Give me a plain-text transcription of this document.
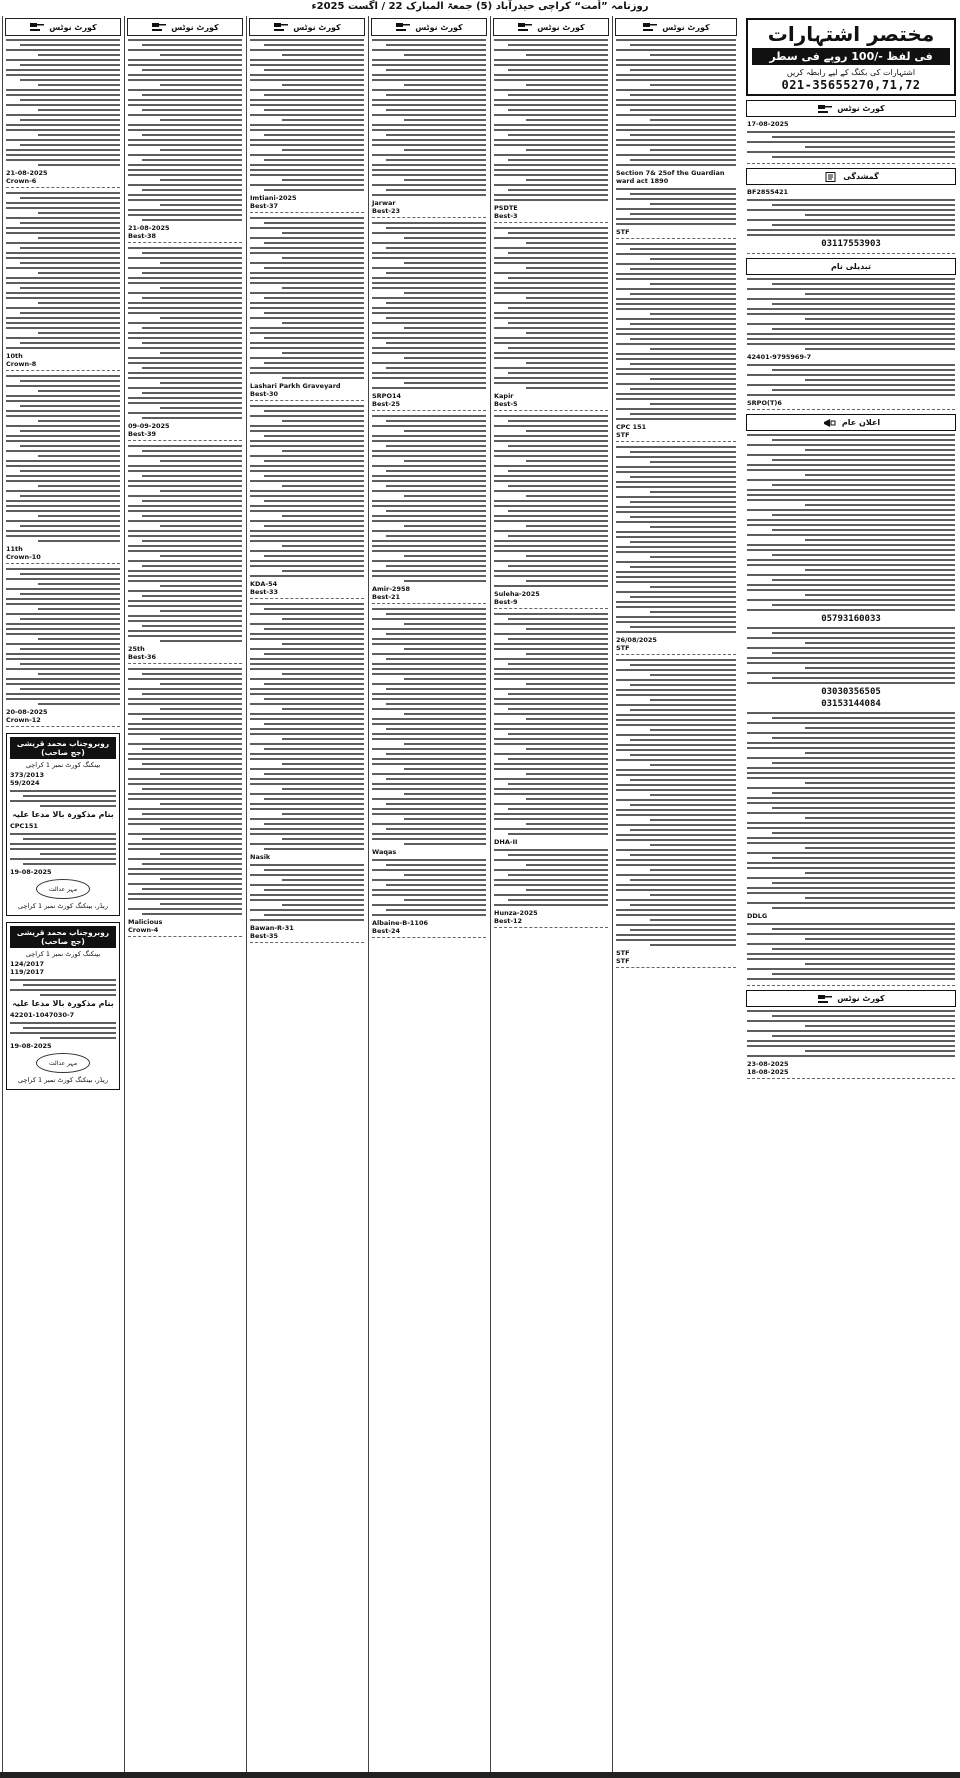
روزنامہ ”اُمت“ کراچی حیدرآباد (5) جمعۃ المبارک 22 / اگست 2025ء
کورٹ نوٹس
21-08-2025
Crown-6
10th
Crown-8
11th
Crown-10
20-08-2025
Crown-12
روبروجناب محمد قریشی (جج صاحب)
بینکنگ کورٹ نمبر 1 کراچی
373/2013
59/2024
بنام مذکورہ بالا مدعا علیہ
CPC151
19-08-2025
مہر عدالت
ریڈر، بینکنگ کورٹ نمبر 1 کراچی
روبروجناب محمد قریشی (جج صاحب)
بینکنگ کورٹ نمبر 1 کراچی
124/2017
119/2017
بنام مذکورہ بالا مدعا علیہ
42201-1047030-7
19-08-2025
مہر عدالت
ریڈر، بینکنگ کورٹ نمبر 1 کراچی
کورٹ نوٹس
21-08-2025
Best-38
09-09-2025
Best-39
25th
Best-36
Malicious
Crown-4
کورٹ نوٹس
Imtiani-2025
Best-37
Lashari Parkh Graveyard
Best-30
KDA-54
Best-33
Nasik
Bawan-R-31
Best-35
کورٹ نوٹس
Jarwar
Best-23
SRPO14
Best-25
Amir-2958
Best-21
Waqas
Albaine-B-1106
Best-24
کورٹ نوٹس
PSDTE
Best-3
Kapir
Best-5
Suleha-2025
Best-9
DHA-II
Hunza-2025
Best-12
کورٹ نوٹس
Section 7& 25of the Guardian
ward act 1890
STF
CPC 151
STF
26/08/2025
STF
STF
STF
مختصر اشتہارات
فی لفظ -/100 روپے فی سطر
اشتہارات کی بکنگ کے لیے رابطہ کریں
021-35655270,71,72
کورٹ نوٹس
17-08-2025
گمشدگی
BF2855421
03117553903
تبدیلی نام
42401-9795969-7
SRPO(T)6
اعلان عام
05793160033
03030356505
03153144084
DDLG
کورٹ نوٹس
23-08-2025
18-08-2025
